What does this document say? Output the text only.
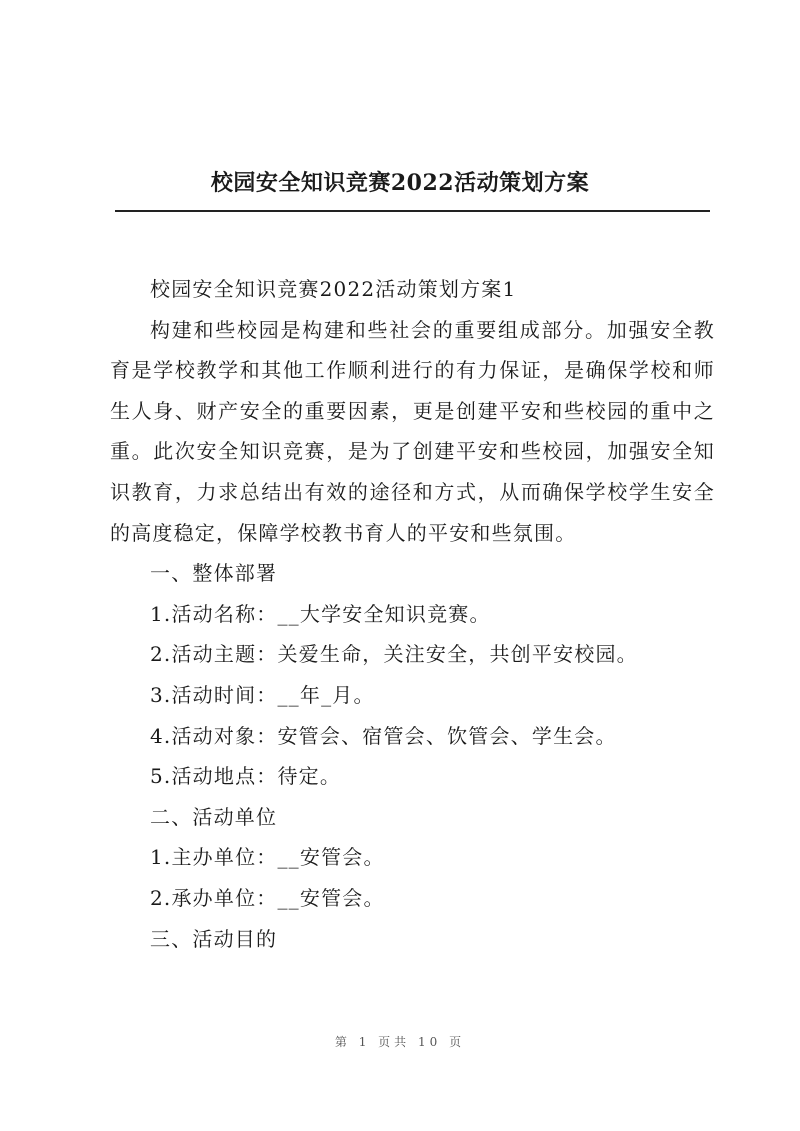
校园安全知识竞赛2022活动策划方案

校园安全知识竞赛2022活动策划方案1

构建和些校园是构建和些社会的重要组成部分。加强安全教育是学校教学和其他工作顺利进行的有力保证，是确保学校和师生人身、财产安全的重要因素，更是创建平安和些校园的重中之重。此次安全知识竞赛，是为了创建平安和些校园，加强安全知识教育，力求总结出有效的途径和方式，从而确保学校学生安全的高度稳定，保障学校教书育人的平安和些氛围。

一、整体部署

1.活动名称：__大学安全知识竞赛。

2.活动主题：关爱生命，关注安全，共创平安校园。

3.活动时间：__年_月。

4.活动对象：安管会、宿管会、饮管会、学生会。

5.活动地点：待定。

二、活动单位

1.主办单位：__安管会。

2.承办单位：__安管会。

三、活动目的

第 1 页共 10 页
